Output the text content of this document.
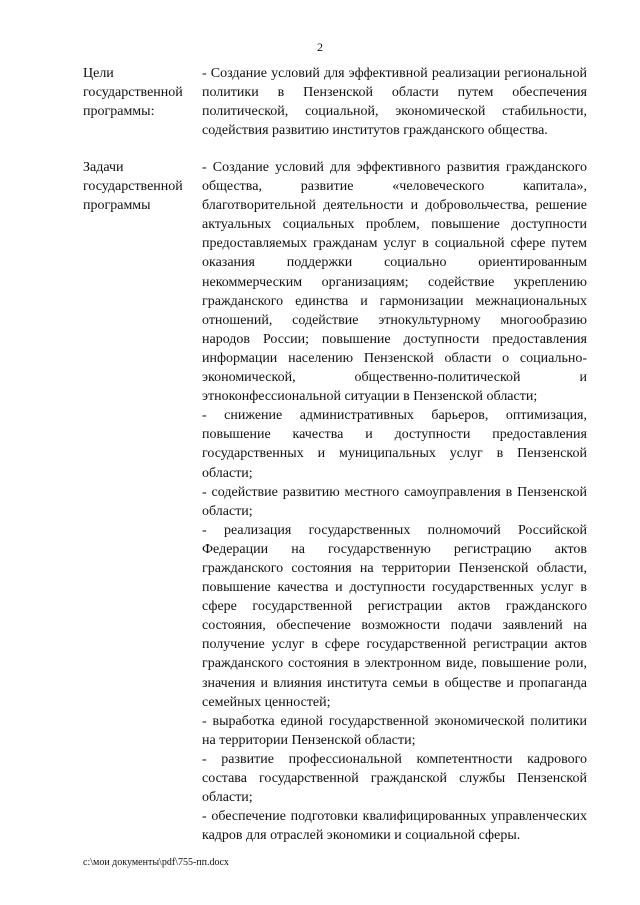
2
Цели государственной программы:

- Создание условий для эффективной реализации региональной политики в Пензенской области путем обеспечения политической, социальной, экономической стабильности, содействия развитию институтов гражданского общества.

Задачи государственной программы

- Создание условий для эффективного развития гражданского общества, развитие «человеческого капитала», благотворительной деятельности и добровольчества, решение актуальных социальных проблем, повышение доступности предоставляемых гражданам услуг в социальной сфере путем оказания поддержки социально ориентированным некоммерческим организациям; содействие укреплению гражданского единства и гармонизации межнациональных отношений, содействие этнокультурному многообразию народов России; повышение доступности предоставления информации населению Пензенской области о социально-экономической, общественно-политической и этноконфессиональной ситуации в Пензенской области;

- снижение административных барьеров, оптимизация, повышение качества и доступности предоставления государственных и муниципальных услуг в Пензенской области;

- содействие развитию местного самоуправления в Пензенской области;

- реализация государственных полномочий Российской Федерации на государственную регистрацию актов гражданского состояния на территории Пензенской области, повышение качества и доступности государственных услуг в сфере государственной регистрации актов гражданского состояния, обеспечение возможности подачи заявлений на получение услуг в сфере государственной регистрации актов гражданского состояния в электронном виде, повышение роли, значения и влияния института семьи в обществе и пропаганда семейных ценностей;

- выработка единой государственной экономической политики на территории Пензенской области;

- развитие профессиональной компетентности кадрового состава государственной гражданской службы Пензенской области;

- обеспечение подготовки квалифицированных управленческих кадров для отраслей экономики и социальной сферы.

c:\мои документы\pdf\755-пп.docx
